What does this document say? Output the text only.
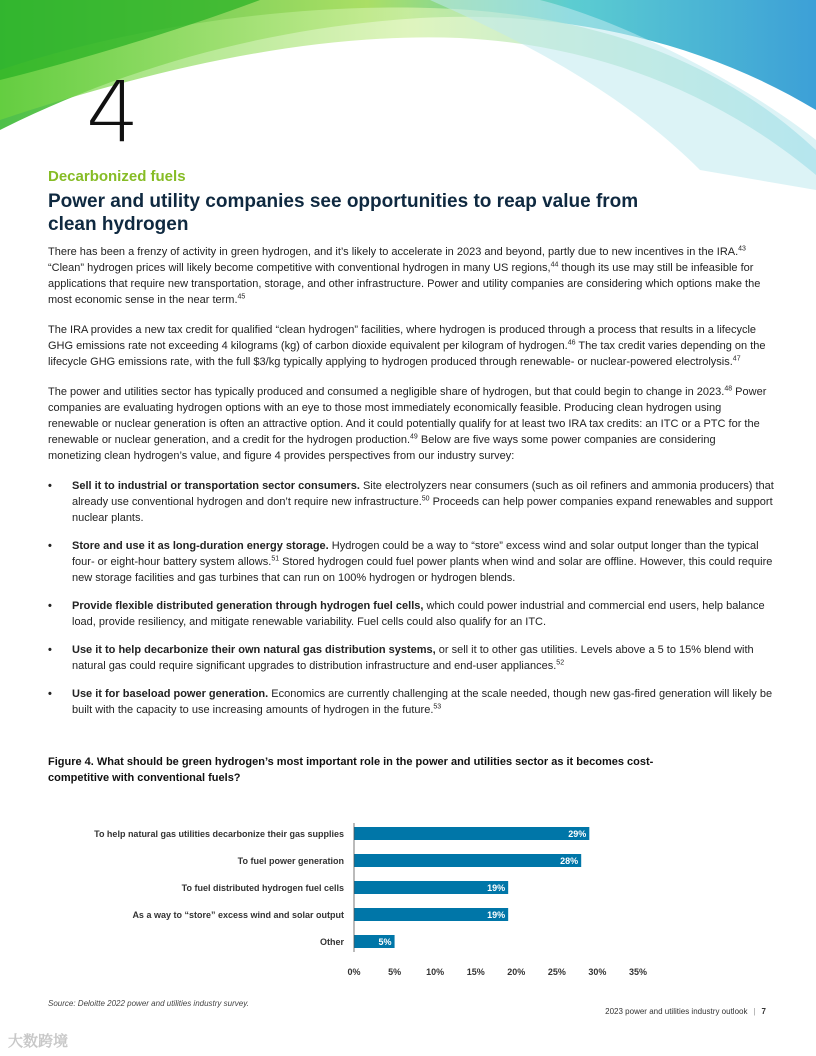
4
Decarbonized fuels
Power and utility companies see opportunities to reap value from clean hydrogen

There has been a frenzy of activity in green hydrogen, and it’s likely to accelerate in 2023 and beyond, partly due to new incentives in the IRA.$^{43}$ “Clean” hydrogen prices will likely become competitive with conventional hydrogen in many US regions,$^{44}$ though its use may still be infeasible for applications that require new transportation, storage, and other infrastructure. Power and utility companies are considering which options make the most economic sense in the near term.$^{45}$

The IRA provides a new tax credit for qualified “clean hydrogen” facilities, where hydrogen is produced through a process that results in a lifecycle GHG emissions rate not exceeding 4 kilograms (kg) of carbon dioxide equivalent per kilogram of hydrogen.$^{46}$ The tax credit varies depending on the lifecycle GHG emissions rate, with the full $3/kg typically applying to hydrogen produced through renewable- or nuclear-powered electrolysis.$^{47}$

The power and utilities sector has typically produced and consumed a negligible share of hydrogen, but that could begin to change in 2023.48 Power companies are evaluating hydrogen options with an eye to those most immediately economically feasible. Producing clean hydrogen using renewable or nuclear generation is often an attractive option. And it could potentially qualify for at least two IRA tax credits: an ITC or a PTC for the renewable or nuclear generation, and a credit for the hydrogen production.$^{49}$ Below are five ways some power companies are considering monetizing clean hydrogen’s value, and figure 4 provides perspectives from our industry survey:

• Sell it to industrial or transportation sector consumers. Site electrolyzers near consumers (such as oil refiners and ammonia producers) that already use conventional hydrogen and don’t require new infrastructure.$^{50}$ Proceeds can help power companies expand renewables and support nuclear plants.
• Store and use it as long-duration energy storage. Hydrogen could be a way to “store” excess wind and solar output longer than the typical four- or eight-hour battery system allows.$^{51}$ Stored hydrogen could fuel power plants when wind and solar are offline. However, this could require new storage facilities and gas turbines that can run on 100% hydrogen or hydrogen blends.
• Provide flexible distributed generation through hydrogen fuel cells, which could power industrial and commercial end users, help balance load, provide resiliency, and mitigate renewable variability. Fuel cells could also qualify for an ITC.
• Use it to help decarbonize their own natural gas distribution systems, or sell it to other gas utilities. Levels above a 5 to 15% blend with natural gas could require significant upgrades to distribution infrastructure and end-user appliances.$^{52}$
• Use it for baseload power generation. Economics are currently challenging at the scale needed, though new gas-fired generation will likely be built with the capacity to use increasing amounts of hydrogen in the future.$^{53}$
Figure 4. What should be green hydrogen’s most important role in the power and utilities sector as it becomes cost-competitive with conventional fuels?
To help natural gas utilities decarbonize their gas supplies	29%
To fuel power generation	28%
To fuel distributed hydrogen fuel cells	19%
As a way to “store” excess wind and solar output	19%
Other	5%
0%	5%	10%	15%	20%	25%	30%	35%
Source: Deloitte 2022 power and utilities industry survey.
2023 power and utilities industry outlook | 7
大数跨境
